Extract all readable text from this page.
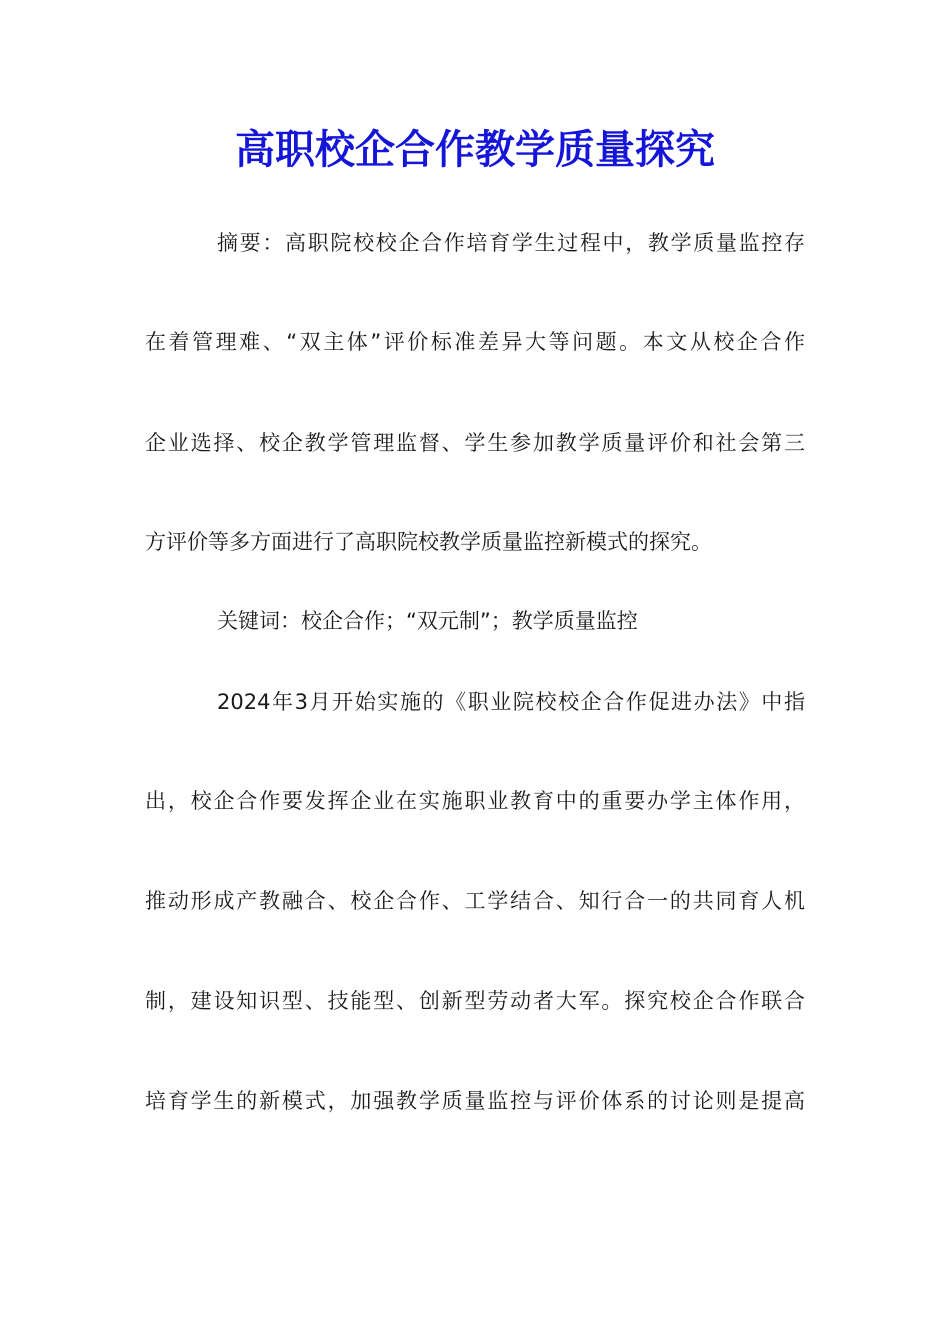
高职校企合作教学质量探究

摘要：高职院校校企合作培育学生过程中，教学质量监控存

在着管理难、“双主体”评价标准差异大等问题。本文从校企合作

企业选择、校企教学管理监督、学生参加教学质量评价和社会第三

方评价等多方面进行了高职院校教学质量监控新模式的探究。

关键词：校企合作；“双元制”；教学质量监控

2024年3月开始实施的《职业院校校企合作促进办法》中指

出，校企合作要发挥企业在实施职业教育中的重要办学主体作用，

推动形成产教融合、校企合作、工学结合、知行合一的共同育人机

制，建设知识型、技能型、创新型劳动者大军。探究校企合作联合

培育学生的新模式，加强教学质量监控与评价体系的讨论则是提高
